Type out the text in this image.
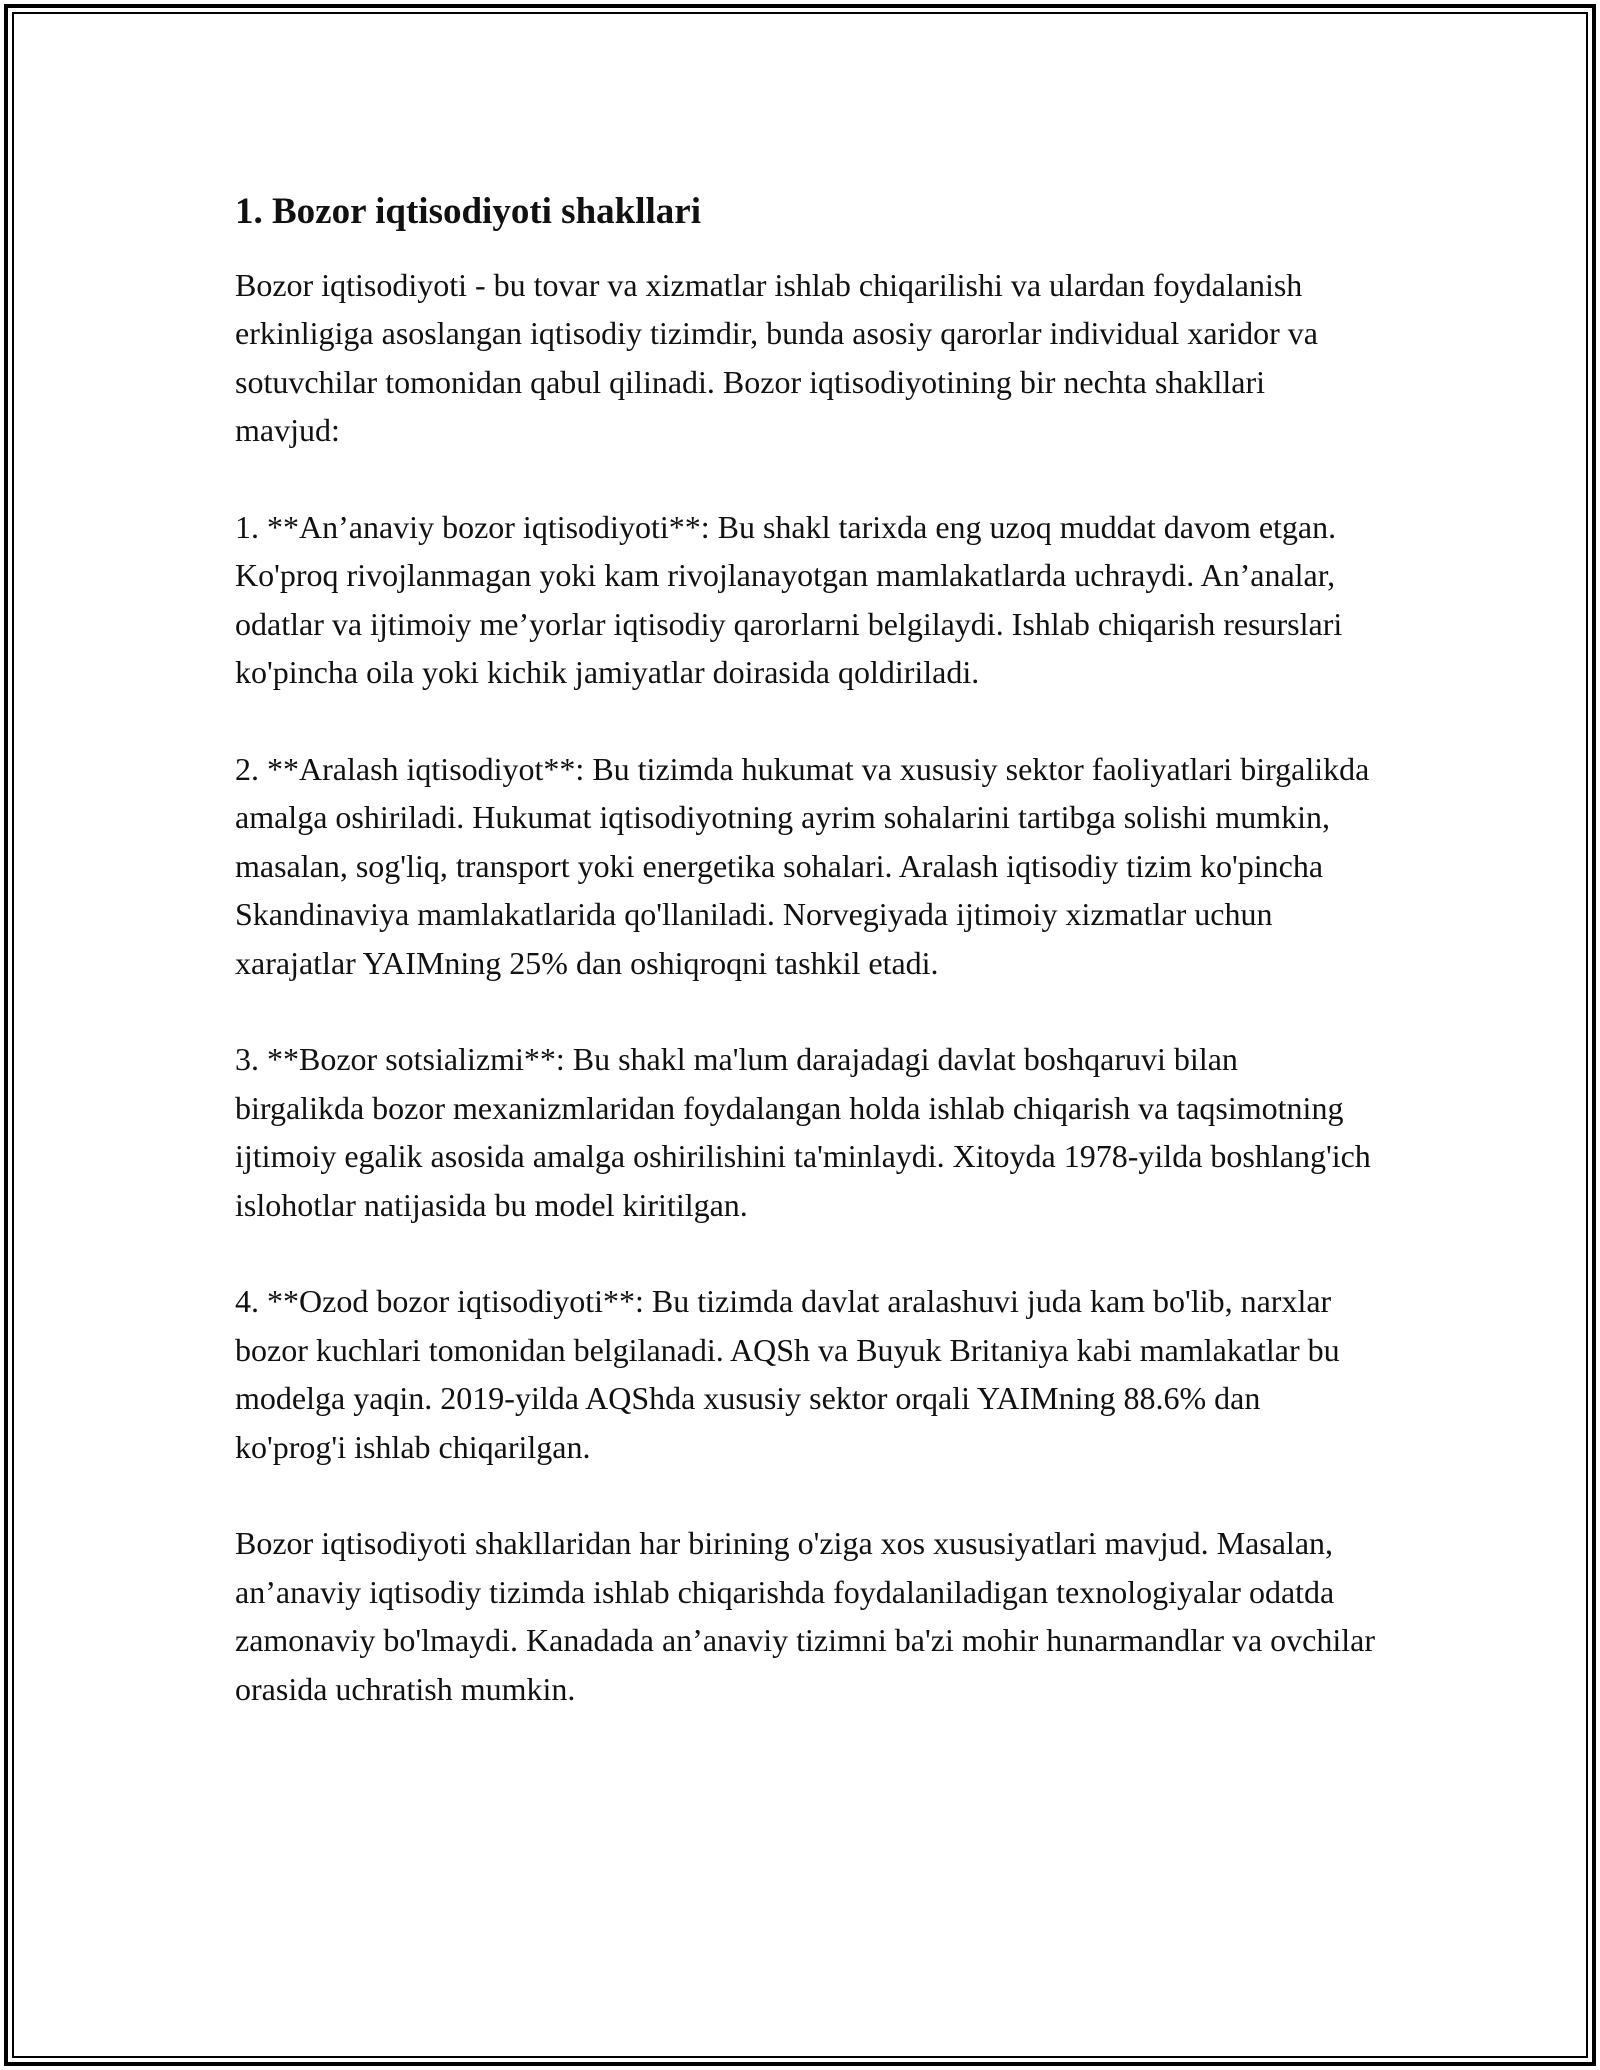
1. Bozor iqtisodiyoti shakllari

Bozor iqtisodiyoti - bu tovar va xizmatlar ishlab chiqarilishi va ulardan foydalanish erkinligiga asoslangan iqtisodiy tizimdir, bunda asosiy qarorlar individual xaridor va sotuvchilar tomonidan qabul qilinadi. Bozor iqtisodiyotining bir nechta shakllari mavjud:

1. **An’anaviy bozor iqtisodiyoti**: Bu shakl tarixda eng uzoq muddat davom etgan. Ko'proq rivojlanmagan yoki kam rivojlanayotgan mamlakatlarda uchraydi. An’analar, odatlar va ijtimoiy me’yorlar iqtisodiy qarorlarni belgilaydi. Ishlab chiqarish resurslari ko'pincha oila yoki kichik jamiyatlar doirasida qoldiriladi.

2. **Aralash iqtisodiyot**: Bu tizimda hukumat va xususiy sektor faoliyatlari birgalikda amalga oshiriladi. Hukumat iqtisodiyotning ayrim sohalarini tartibga solishi mumkin, masalan, sog'liq, transport yoki energetika sohalari. Aralash iqtisodiy tizim ko'pincha Skandinaviya mamlakatlarida qo'llaniladi. Norvegiyada ijtimoiy xizmatlar uchun xarajatlar YAIMning 25% dan oshiqroqni tashkil etadi.

3. **Bozor sotsializmi**: Bu shakl ma'lum darajadagi davlat boshqaruvi bilan birgalikda bozor mexanizmlaridan foydalangan holda ishlab chiqarish va taqsimotning ijtimoiy egalik asosida amalga oshirilishini ta'minlaydi. Xitoyda 1978-yilda boshlang'ich islohotlar natijasida bu model kiritilgan.

4. **Ozod bozor iqtisodiyoti**: Bu tizimda davlat aralashuvi juda kam bo'lib, narxlar bozor kuchlari tomonidan belgilanadi. AQSh va Buyuk Britaniya kabi mamlakatlar bu modelga yaqin. 2019-yilda AQShda xususiy sektor orqali YAIMning 88.6% dan ko'prog'i ishlab chiqarilgan.

Bozor iqtisodiyoti shakllaridan har birining o'ziga xos xususiyatlari mavjud. Masalan, an’anaviy iqtisodiy tizimda ishlab chiqarishda foydalaniladigan texnologiyalar odatda zamonaviy bo'lmaydi. Kanadada an’anaviy tizimni ba'zi mohir hunarmandlar va ovchilar orasida uchratish mumkin.
